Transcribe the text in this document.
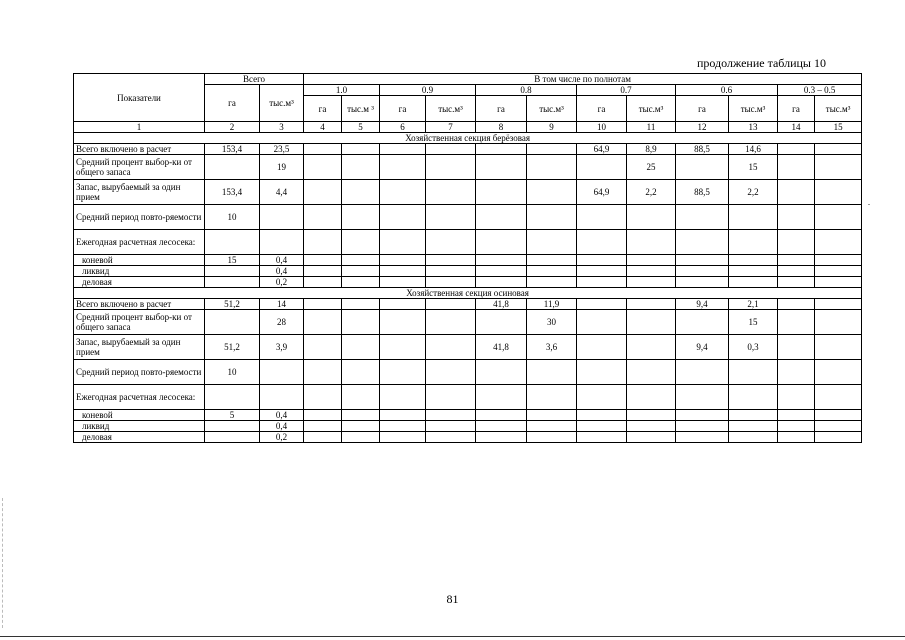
продолжение таблицы 10
Показатели	Всего		В том числе по полнотам											
	га	тыс.м³	1.0		0.9		0.8		0.7		0.6		0.3 – 0.5	
			га	тыс.м ³	га	тыс.м³	га	тыс.м³	га	тыс.м³	га	тыс.м³	га	тыс.м³
1	2	3	4	5	6	7	8	9	10	11	12	13	14	15
Хозяйственная секция берёзовая														
Всего включено в расчет	153,4	23,5							64,9	8,9	88,5	14,6		
Средний процент выбор-ки от общего запаса		19								25		15		
Запас, вырубаемый за один прием	153,4	4,4							64,9	2,2	88,5	2,2		
Средний период повто-ряемости	10													
Ежегодная расчетная лесосека:														
коневой	15	0,4												
ликвид		0,4												
деловая		0,2												
Хозяйственная секция осиновая														
Всего включено в расчет	51,2	14					41,8	11,9			9,4	2,1		
Средний процент выбор-ки от общего запаса		28						30				15		
Запас, вырубаемый за один прием	51,2	3,9					41,8	3,6			9,4	0,3		
Средний период повто-ряемости	10													
Ежегодная расчетная лесосека:														
коневой	5	0,4												
ликвид		0,4												
деловая		0,2												
81
